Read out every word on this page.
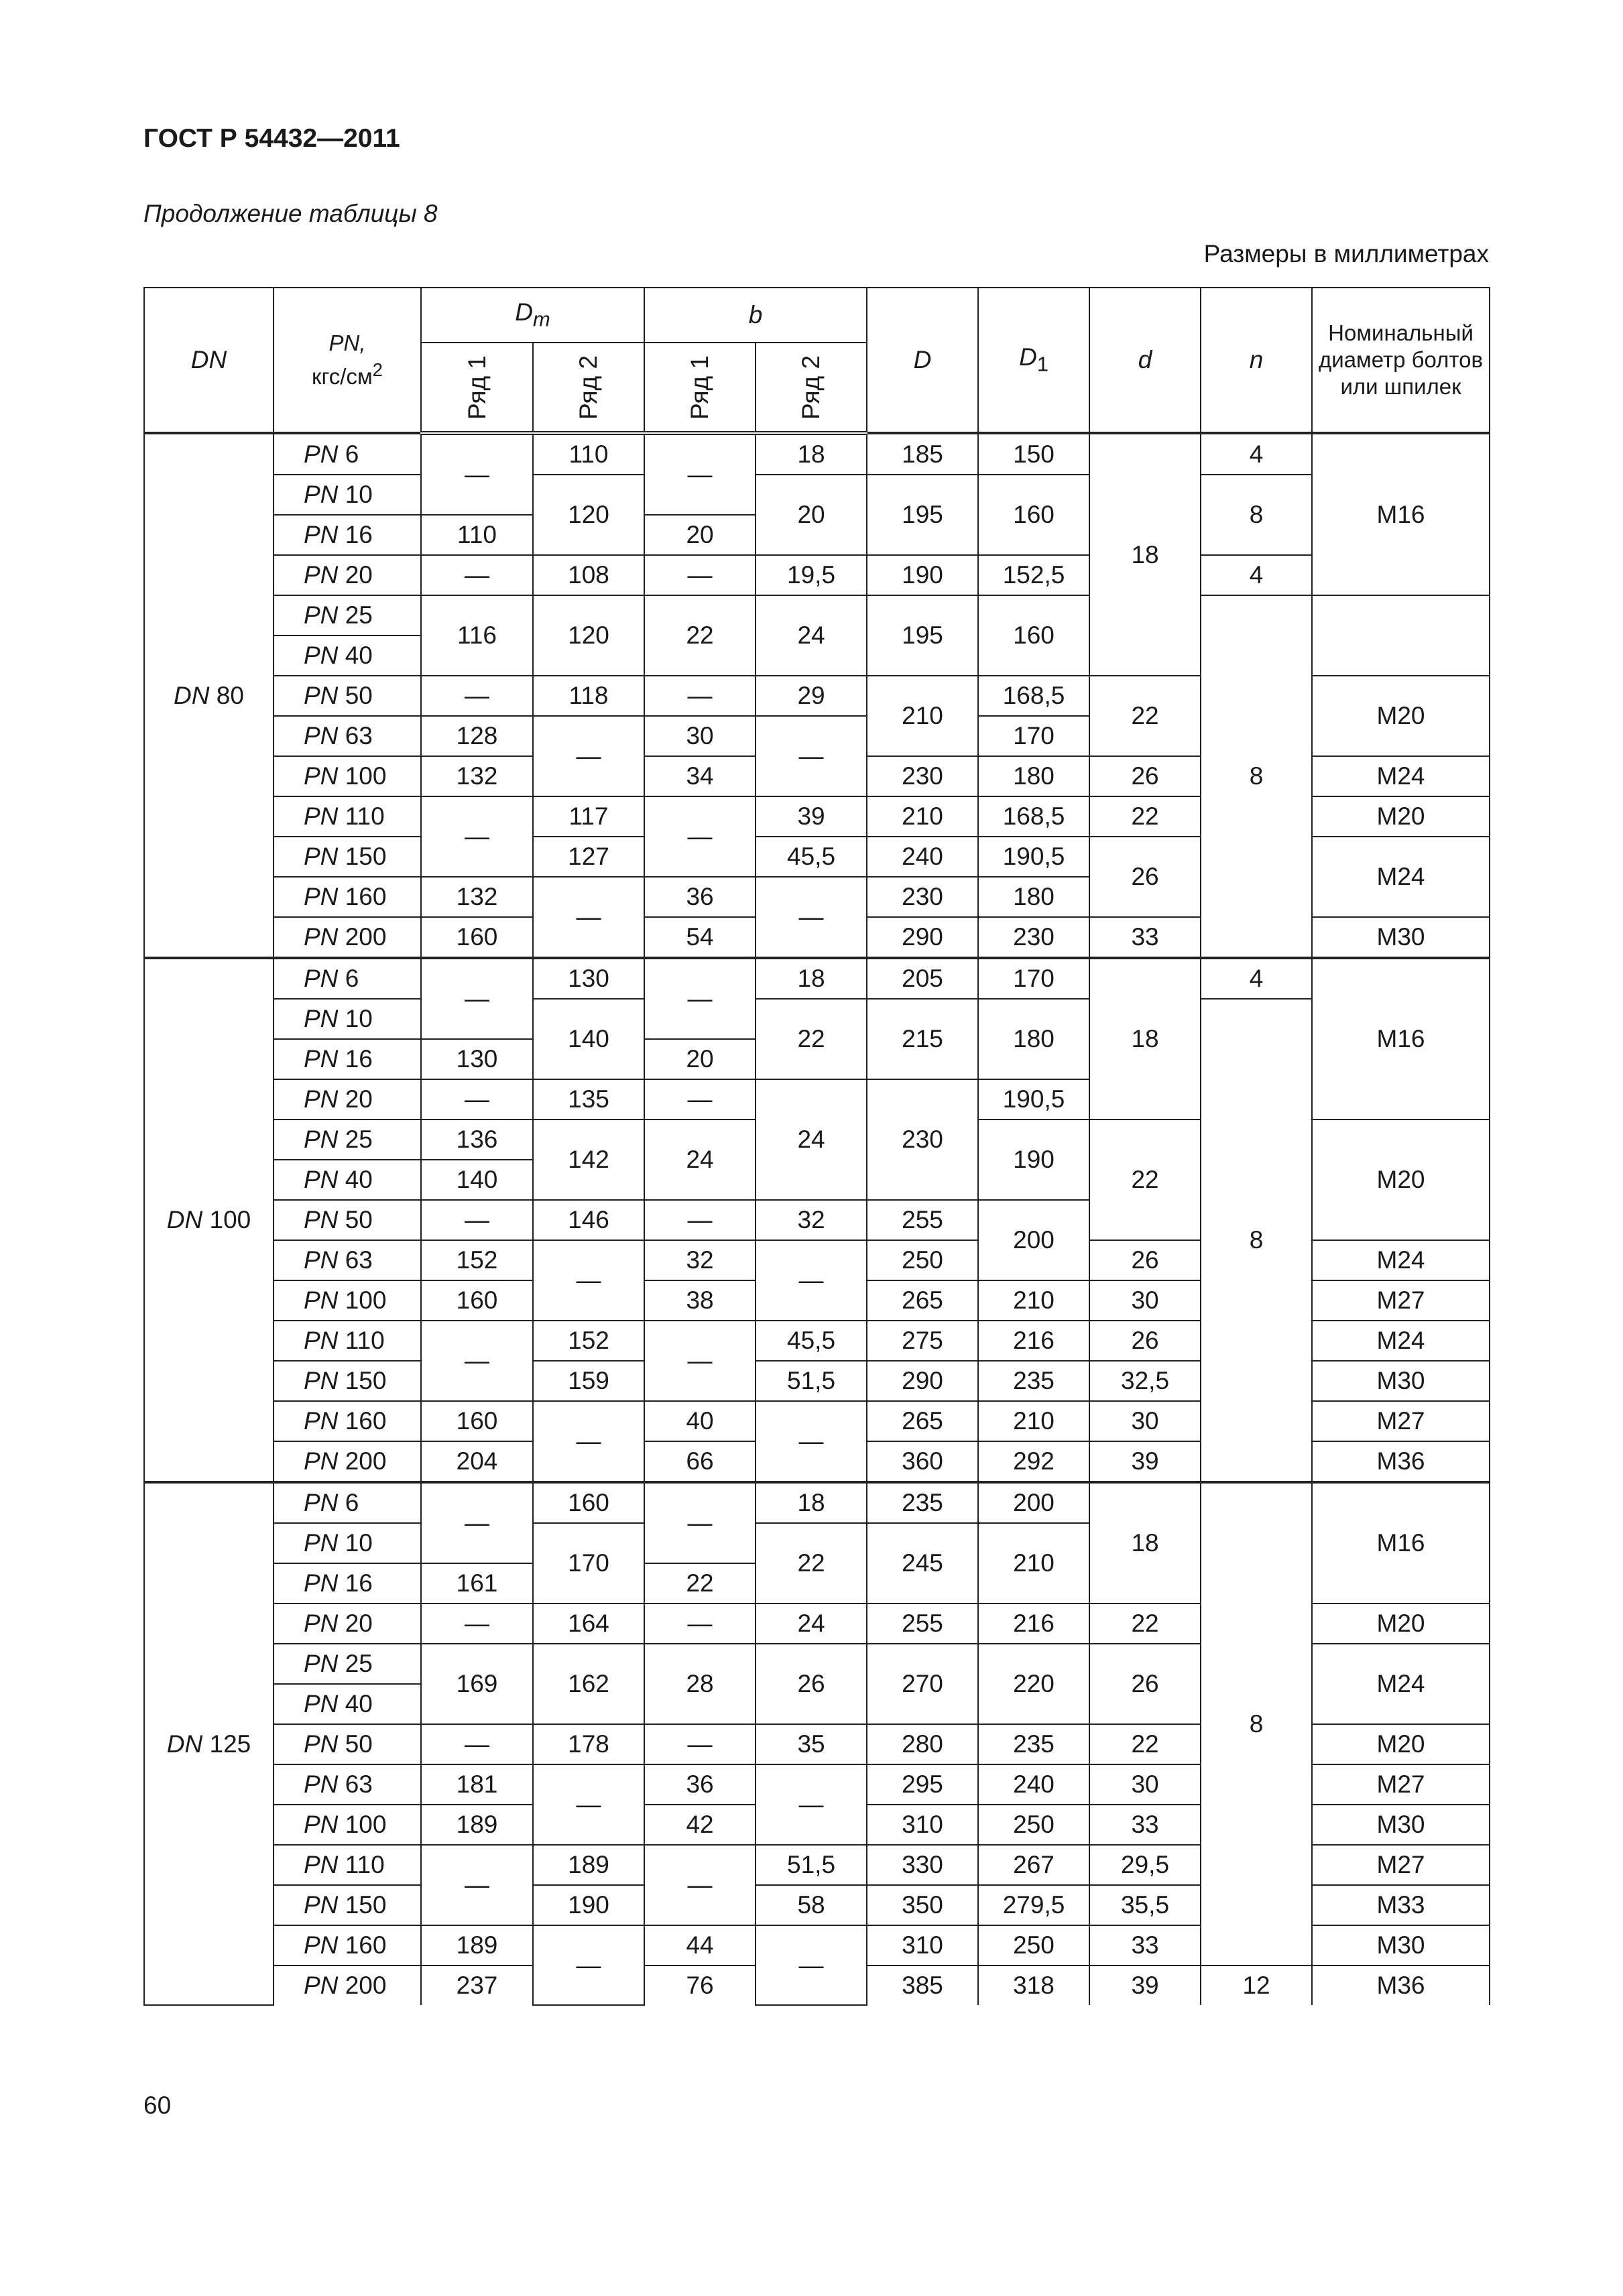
ГОСТ Р 54432—2011
Продолжение таблицы 8
Размеры в миллиметрах
DN	PN,
кгс/$см^2$	$D_m$		b		D	$D_1$	d	n	Номинальный диаметр болтов или шпилек
		Ряд 1	Ряд 2	Ряд 1	Ряд 2					
DN 80	PN 6	—	110	—	18	185	150	18	4	М16
	PN 10		120		20	195	160		8	
	PN 16	110		20						
	PN 20	—	108	—	19,5	190	152,5		4	
	PN 25	116	120	22	24	195	160		8	
	PN 40									
	PN 50	—	118	—	29	210	168,5	22		М20
	PN 63	128	—	30	—		170			
	PN 100	132		34		230	180	26		М24
	PN 110	—	117	—	39	210	168,5	22		М20
	PN 150		127		45,5	240	190,5	26		М24
	PN 160	132	—	36	—	230	180			
	PN 200	160		54		290	230	33		М30
DN 100	PN 6	—	130	—	18	205	170	18	4	М16
	PN 10		140		22	215	180		8	
	PN 16	130		20						
	PN 20	—	135	—	24	230	190,5			
	PN 25	136	142	24			190	22		М20
	PN 40	140								
	PN 50	—	146	—	32	255	200			
	PN 63	152	—	32	—	250		26		М24
	PN 100	160		38		265	210	30		М27
	PN 110	—	152	—	45,5	275	216	26		М24
	PN 150		159		51,5	290	235	32,5		М30
	PN 160	160	—	40	—	265	210	30		М27
	PN 200	204		66		360	292	39		М36
DN 125	PN 6	—	160	—	18	235	200	18	8	М16
	PN 10		170		22	245	210			
	PN 16	161		22						
	PN 20	—	164	—	24	255	216	22		М20
	PN 25	169	162	28	26	270	220	26		М24
	PN 40									
	PN 50	—	178	—	35	280	235	22		М20
	PN 63	181	—	36	—	295	240	30		М27
	PN 100	189		42		310	250	33		М30
	PN 110	—	189	—	51,5	330	267	29,5		М27
	PN 150		190		58	350	279,5	35,5		М33
	PN 160	189	—	44	—	310	250	33		М30
	PN 200	237		76		385	318	39	12	М36
60
